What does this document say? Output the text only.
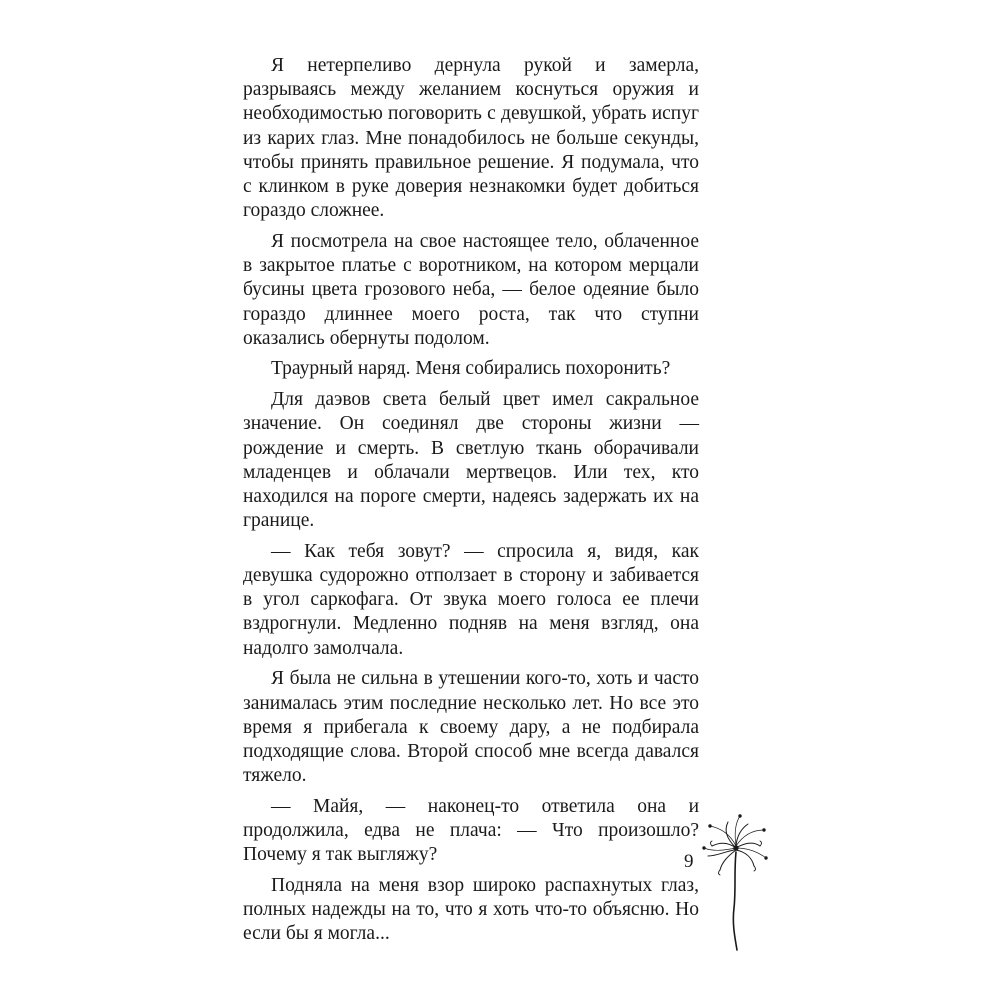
Я нетерпеливо дернула рукой и замерла, разрываясь между желанием коснуться оружия и необходимостью поговорить с девушкой, убрать испуг из карих глаз. Мне понадобилось не больше секунды, чтобы принять правильное решение. Я подумала, что с клинком в руке доверия незнакомки будет добиться гораздо сложнее.

Я посмотрела на свое настоящее тело, облаченное в закрытое платье с воротником, на котором мерцали бусины цвета грозового неба, — белое одеяние было гораздо длиннее моего роста, так что ступни оказались обернуты подолом.

Траурный наряд. Меня собирались похоронить?

Для даэвов света белый цвет имел сакральное значение. Он соединял две стороны жизни — рождение и смерть. В светлую ткань оборачивали младенцев и облачали мертвецов. Или тех, кто находился на пороге смерти, надеясь задержать их на границе.

— Как тебя зовут? — спросила я, видя, как девушка судорожно отползает в сторону и забивается в угол саркофага. От звука моего голоса ее плечи вздрогнули. Медленно подняв на меня взгляд, она надолго замолчала.

Я была не сильна в утешении кого-то, хоть и часто занималась этим последние несколько лет. Но все это время я прибегала к своему дару, а не подбирала подходящие слова. Второй способ мне всегда давался тяжело.

— Майя, — наконец-то ответила она и продолжила, едва не плача: — Что произошло? Почему я так выгляжу?

Подняла на меня взор широко распахнутых глаз, полных надежды на то, что я хоть что-то объясню. Но если бы я могла...

9
